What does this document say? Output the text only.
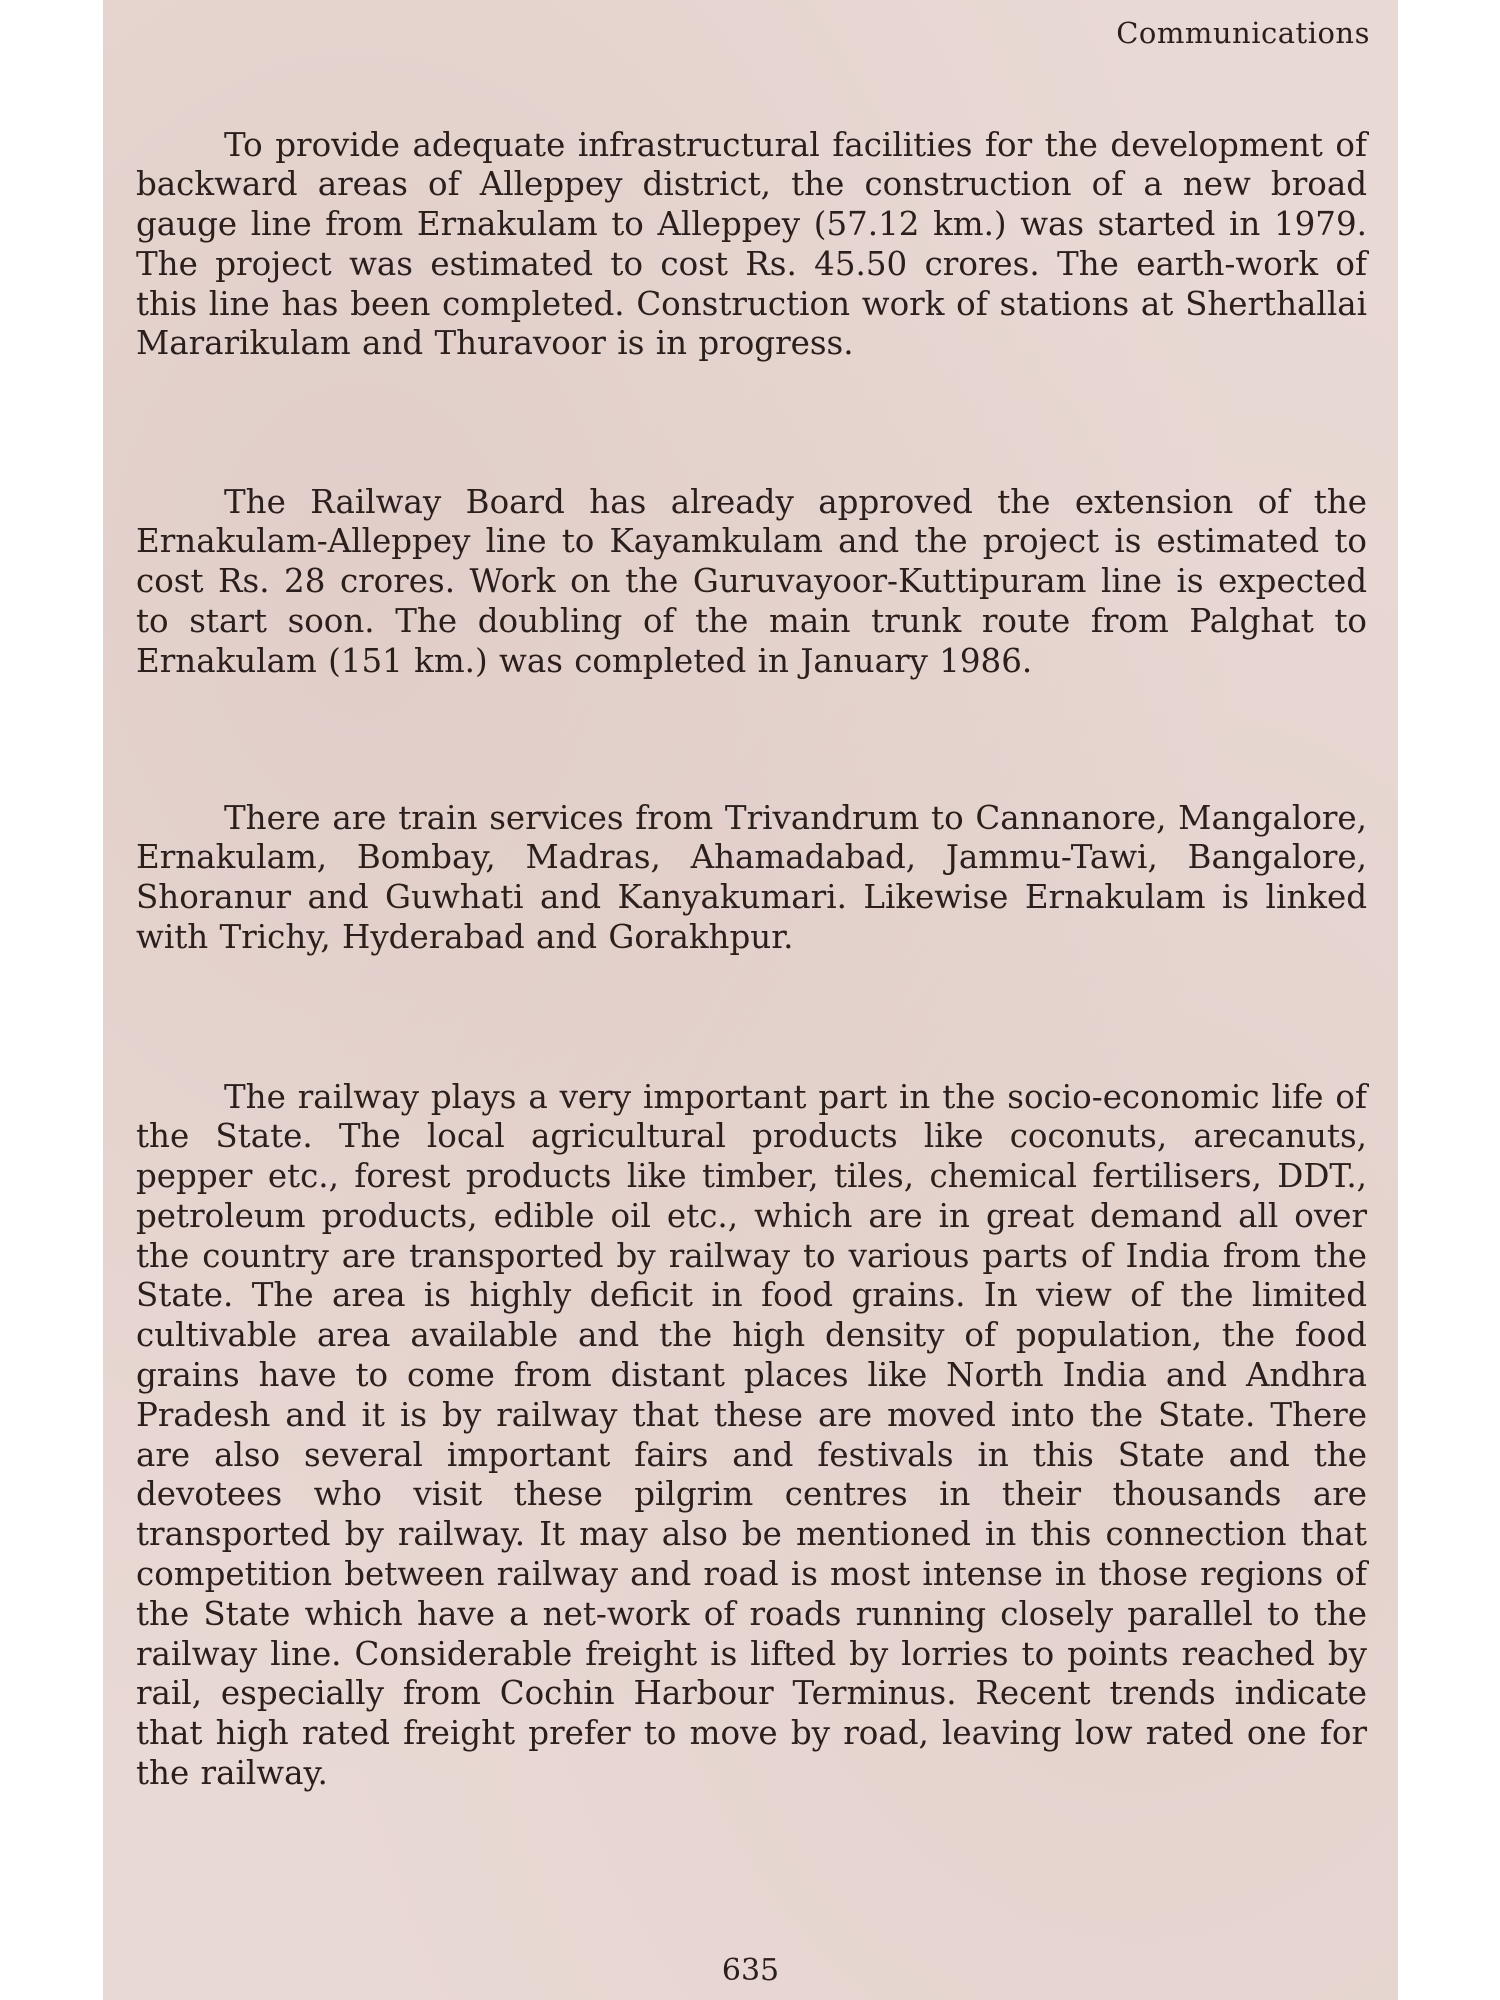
Communications

To provide adequate infrastructural facilities for the development of backward areas of Alleppey district, the construction of a new broad gauge line from Ernakulam to Alleppey (57.12 km.) was started in 1979. The project was estimated to cost Rs. 45.50 crores. The earth-work of this line has been completed. Construction work of stations at Sherthallai Mararikulam and Thuravoor is in progress.

The Railway Board has already approved the extension of the Ernakulam-Alleppey line to Kayamkulam and the project is estimated to cost Rs. 28 crores. Work on the Guruvayoor-Kuttipuram line is expected to start soon. The doubling of the main trunk route from Palghat to Ernakulam (151 km.) was completed in January 1986.

There are train services from Trivandrum to Cannanore, Mangalore, Ernakulam, Bombay, Madras, Ahamadabad, Jammu-Tawi, Bangalore, Shoranur and Guwhati and Kanyakumari. Likewise Ernakulam is linked with Trichy, Hyderabad and Gorakhpur.

The railway plays a very important part in the socio-economic life of the State. The local agricultural products like coconuts, arecanuts, pepper etc., forest products like timber, tiles, chemical fertilisers, DDT., petroleum products, edible oil etc., which are in great demand all over the country are transported by railway to various parts of India from the State. The area is highly deficit in food grains. In view of the limited cultivable area available and the high density of population, the food grains have to come from distant places like North India and Andhra Pradesh and it is by railway that these are moved into the State. There are also several important fairs and festivals in this State and the devotees who visit these pilgrim centres in their thousands are transported by railway. It may also be mentioned in this connection that competition between railway and road is most intense in those regions of the State which have a net-work of roads running closely parallel to the railway line. Considerable freight is lifted by lorries to points reached by rail, especially from Cochin Harbour Terminus. Recent trends indicate that high rated freight prefer to move by road, leaving low rated one for the railway.

635
